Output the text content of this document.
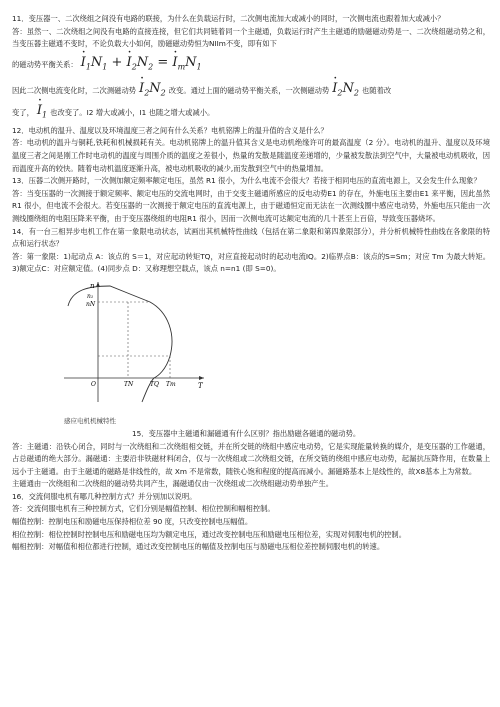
11．变压器一、二次绕组之间没有电路的联接，为什么在负载运行时，二次侧电流加大或减小的同时，一次侧电流也跟着加大或减小？

答：虽然一、二次绕组之间没有电路的直接连接，但它们共同链着同一个主磁通，负载运行时产生主磁通的励磁磁动势是一、二次绕组磁动势之和，当变压器主磁通不变时，不论负载大小如何，励磁磁动势恒为NIIm不变，即有如下

的磁动势平衡关系： · $I_1N_1$ + · $I_2N_2$ = · $I_mN_1$
因此二次侧电流变化时，二次测磁动势 · $I_2N_2$ 改变。通过上面的磁动势平衡关系，一次侧磁动势 · $I_2N_2$ 也随着改
变了， · $I_1$ 也改变了。I2 增大或减小，I1 也随之增大或减小。

12．电动机的温升、温度以及环境温度三者之间有什么关系？电机铭牌上的温升值的含义是什么？

答：电动机的温升与铜耗,铁耗和机械损耗有关。电动机铭牌上的温升值其含义是电动机绝缘许可的最高温度（2 分）。电动机的温升、温度以及环境温度三者之间是刚工作时电动机的温度与周围介质的温度之差很小，热量的发散是随温度差递增的，少量被发散法到空气中，大量被电动机吸收，因而温度升高的较快。随着电动机温度逐渐升高，被电动机吸收的减少,而发散到空气中的热量增加。

13．压器二次侧开路时，一次侧加额定频率额定电压，虽然 R1 很小，为什么电流不会很大？若接于相同电压的直流电源上，又会发生什么现象？

答：当变压器的一次测接于额定频率、额定电压的交流电网时，由于交变主磁通所感应的反电动势E1 的存在，外施电压主要由E1 来平衡，因此虽然 R1 很小，但电流不会很大。若变压器的一次测接于额定电压的直流电源上，由于磁通恒定而无法在一次测线圈中感应电动势，外施电压只能由一次测线圈绕组的电阻压降来平衡，由于变压器绕组的电阻R1 很小，因而一次侧电流可达额定电流的几十甚至上百倍，导致变压器烧坏。

14．有一台三相异步电机工作在第一象限电动状态，试画出其机械特性曲线（包括在第二象限和第四象限部分），并分析机械特性曲线在各象限的特点和运行状态？

答：第一象限：1)起动点 A：该点的 S＝1，对应起动转矩TQ，对应直接起动时的起动电流IQ。2)临界点B：该点的S=Sm；对应 Tm 为最大转矩。3)额定点C：对应额定值。(4)同步点 D：又称理想空载点，该点 n=n1 (即 S=0)。

n
n₁
nN
O	TN	TQ Tm	T
感应电机机械特性

15．变压器中主磁通和漏磁通有什么区别？指出励磁各磁通的磁动势。

答：主磁通：沿铁心闭合，同时与一次绕组和二次绕组相交链，并在所交链的绕组中感应电动势，它是实现能量转换的媒介，是变压器的工作磁通，占总磁通的绝大部分。漏磁通：主要沿非铁磁材料闭合，仅与一次绕组或二次绕组交链，在所交链的绕组中感应电动势，起漏抗压降作用，在数量上远小于主磁通。由于主磁通的磁路是非线性的，故 Xm 不是常数，随铁心饱和程度的提高而减小。漏磁路基本上是线性的，故X8基本上为常数。

主磁通由一次绕组和二次绕组的磁动势共同产生，漏磁通仅由一次绕组或二次绕组磁动势单独产生。

16．交流伺服电机有哪几种控制方式？并分别加以说明。

答：交流伺服电机有三种控制方式，它们分别是幅值控制、相位控制和幅相控制。

幅值控制：控制电压和励磁电压保持相位差 90 度，只改变控制电压幅值。

相位控制：相位控制时控制电压和励磁电压均为额定电压，通过改变控制电压和励磁电压相位差，实现对伺服电机的控制。

幅相控制：对幅值和相位都进行控制，通过改变控制电压的幅值及控制电压与励磁电压相位差控制伺服电机的转速。
